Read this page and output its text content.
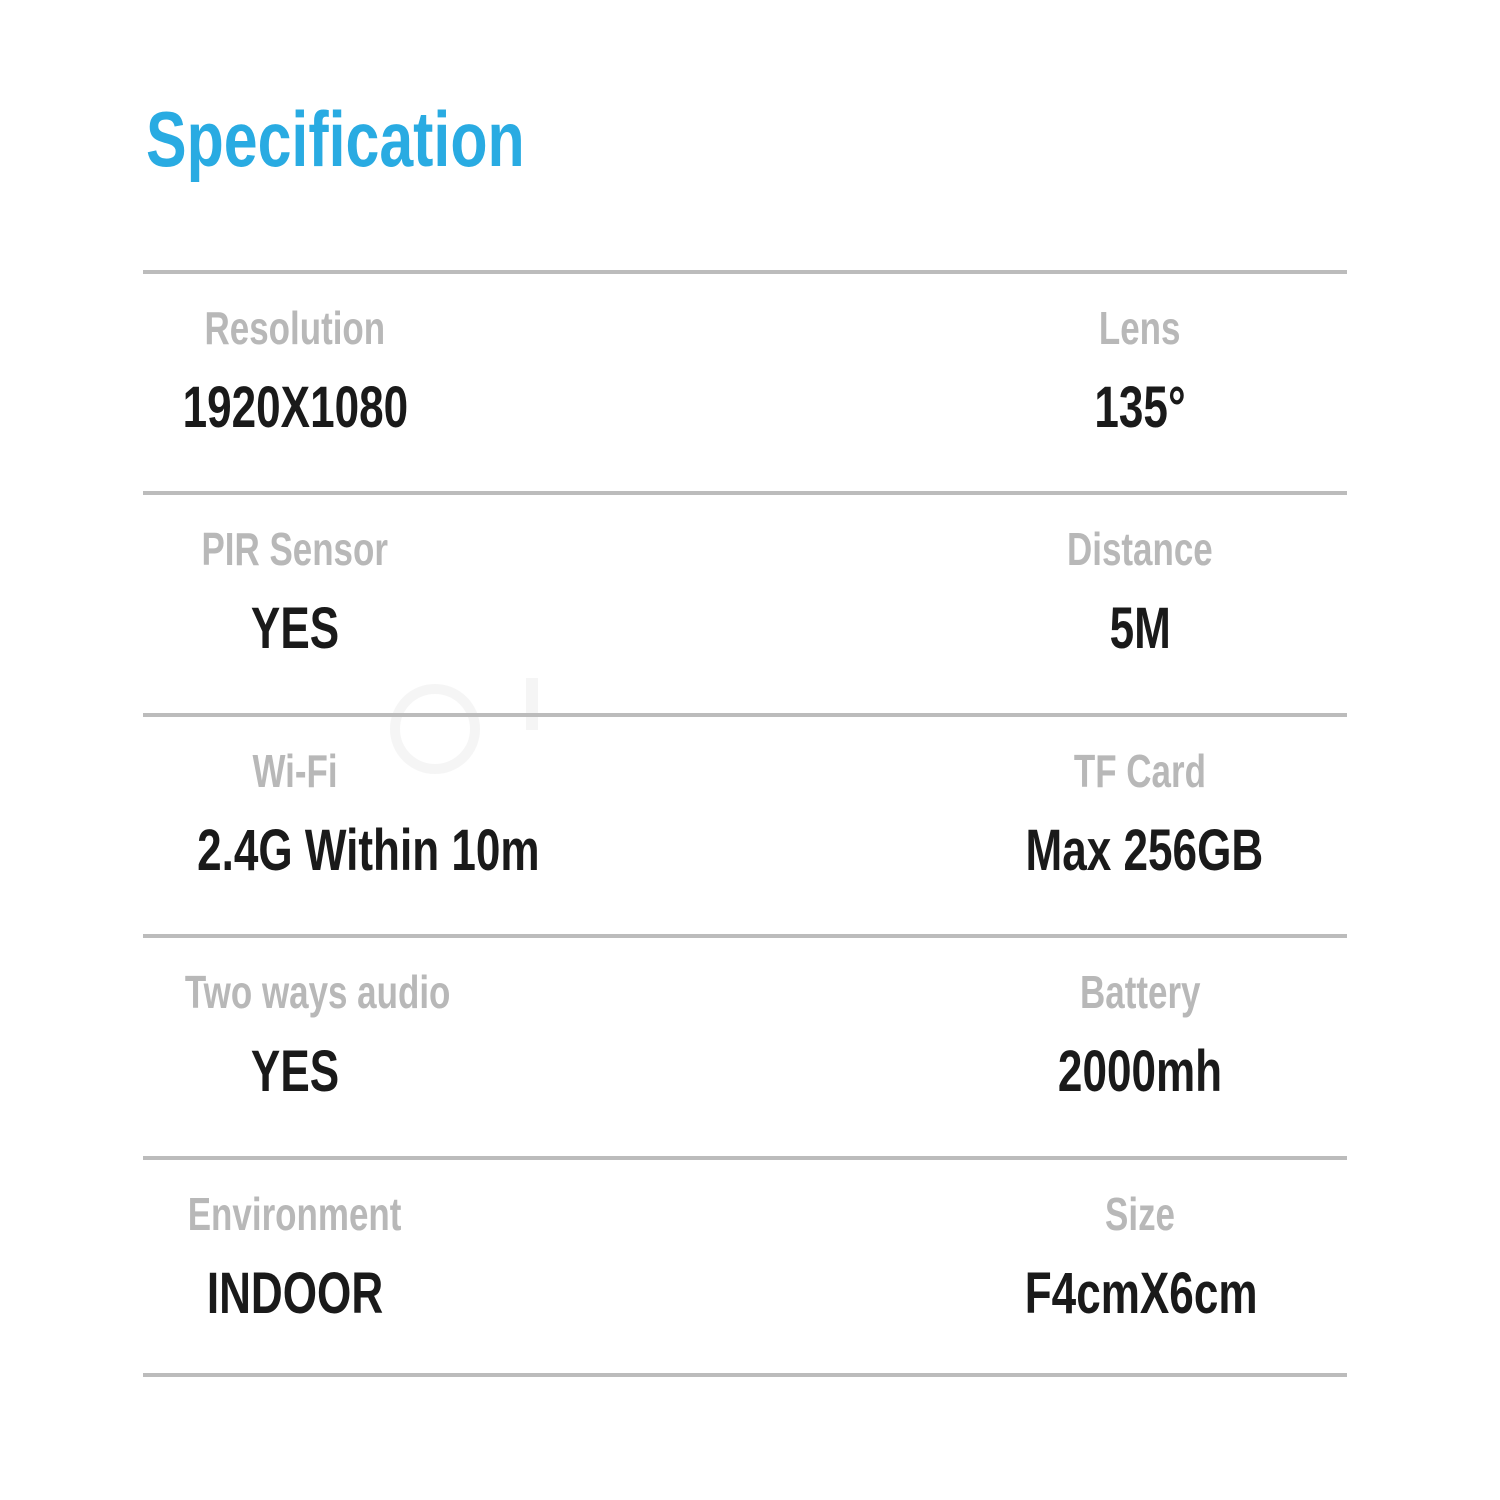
Specification
Resolution
1920X1080
Lens
135°
PIR Sensor
YES
Distance
5M
Wi-Fi
2.4G Within 10m
TF Card
Max 256GB
Two ways audio
YES
Battery
2000mh
Environment
INDOOR
Size
F4cmX6cm
